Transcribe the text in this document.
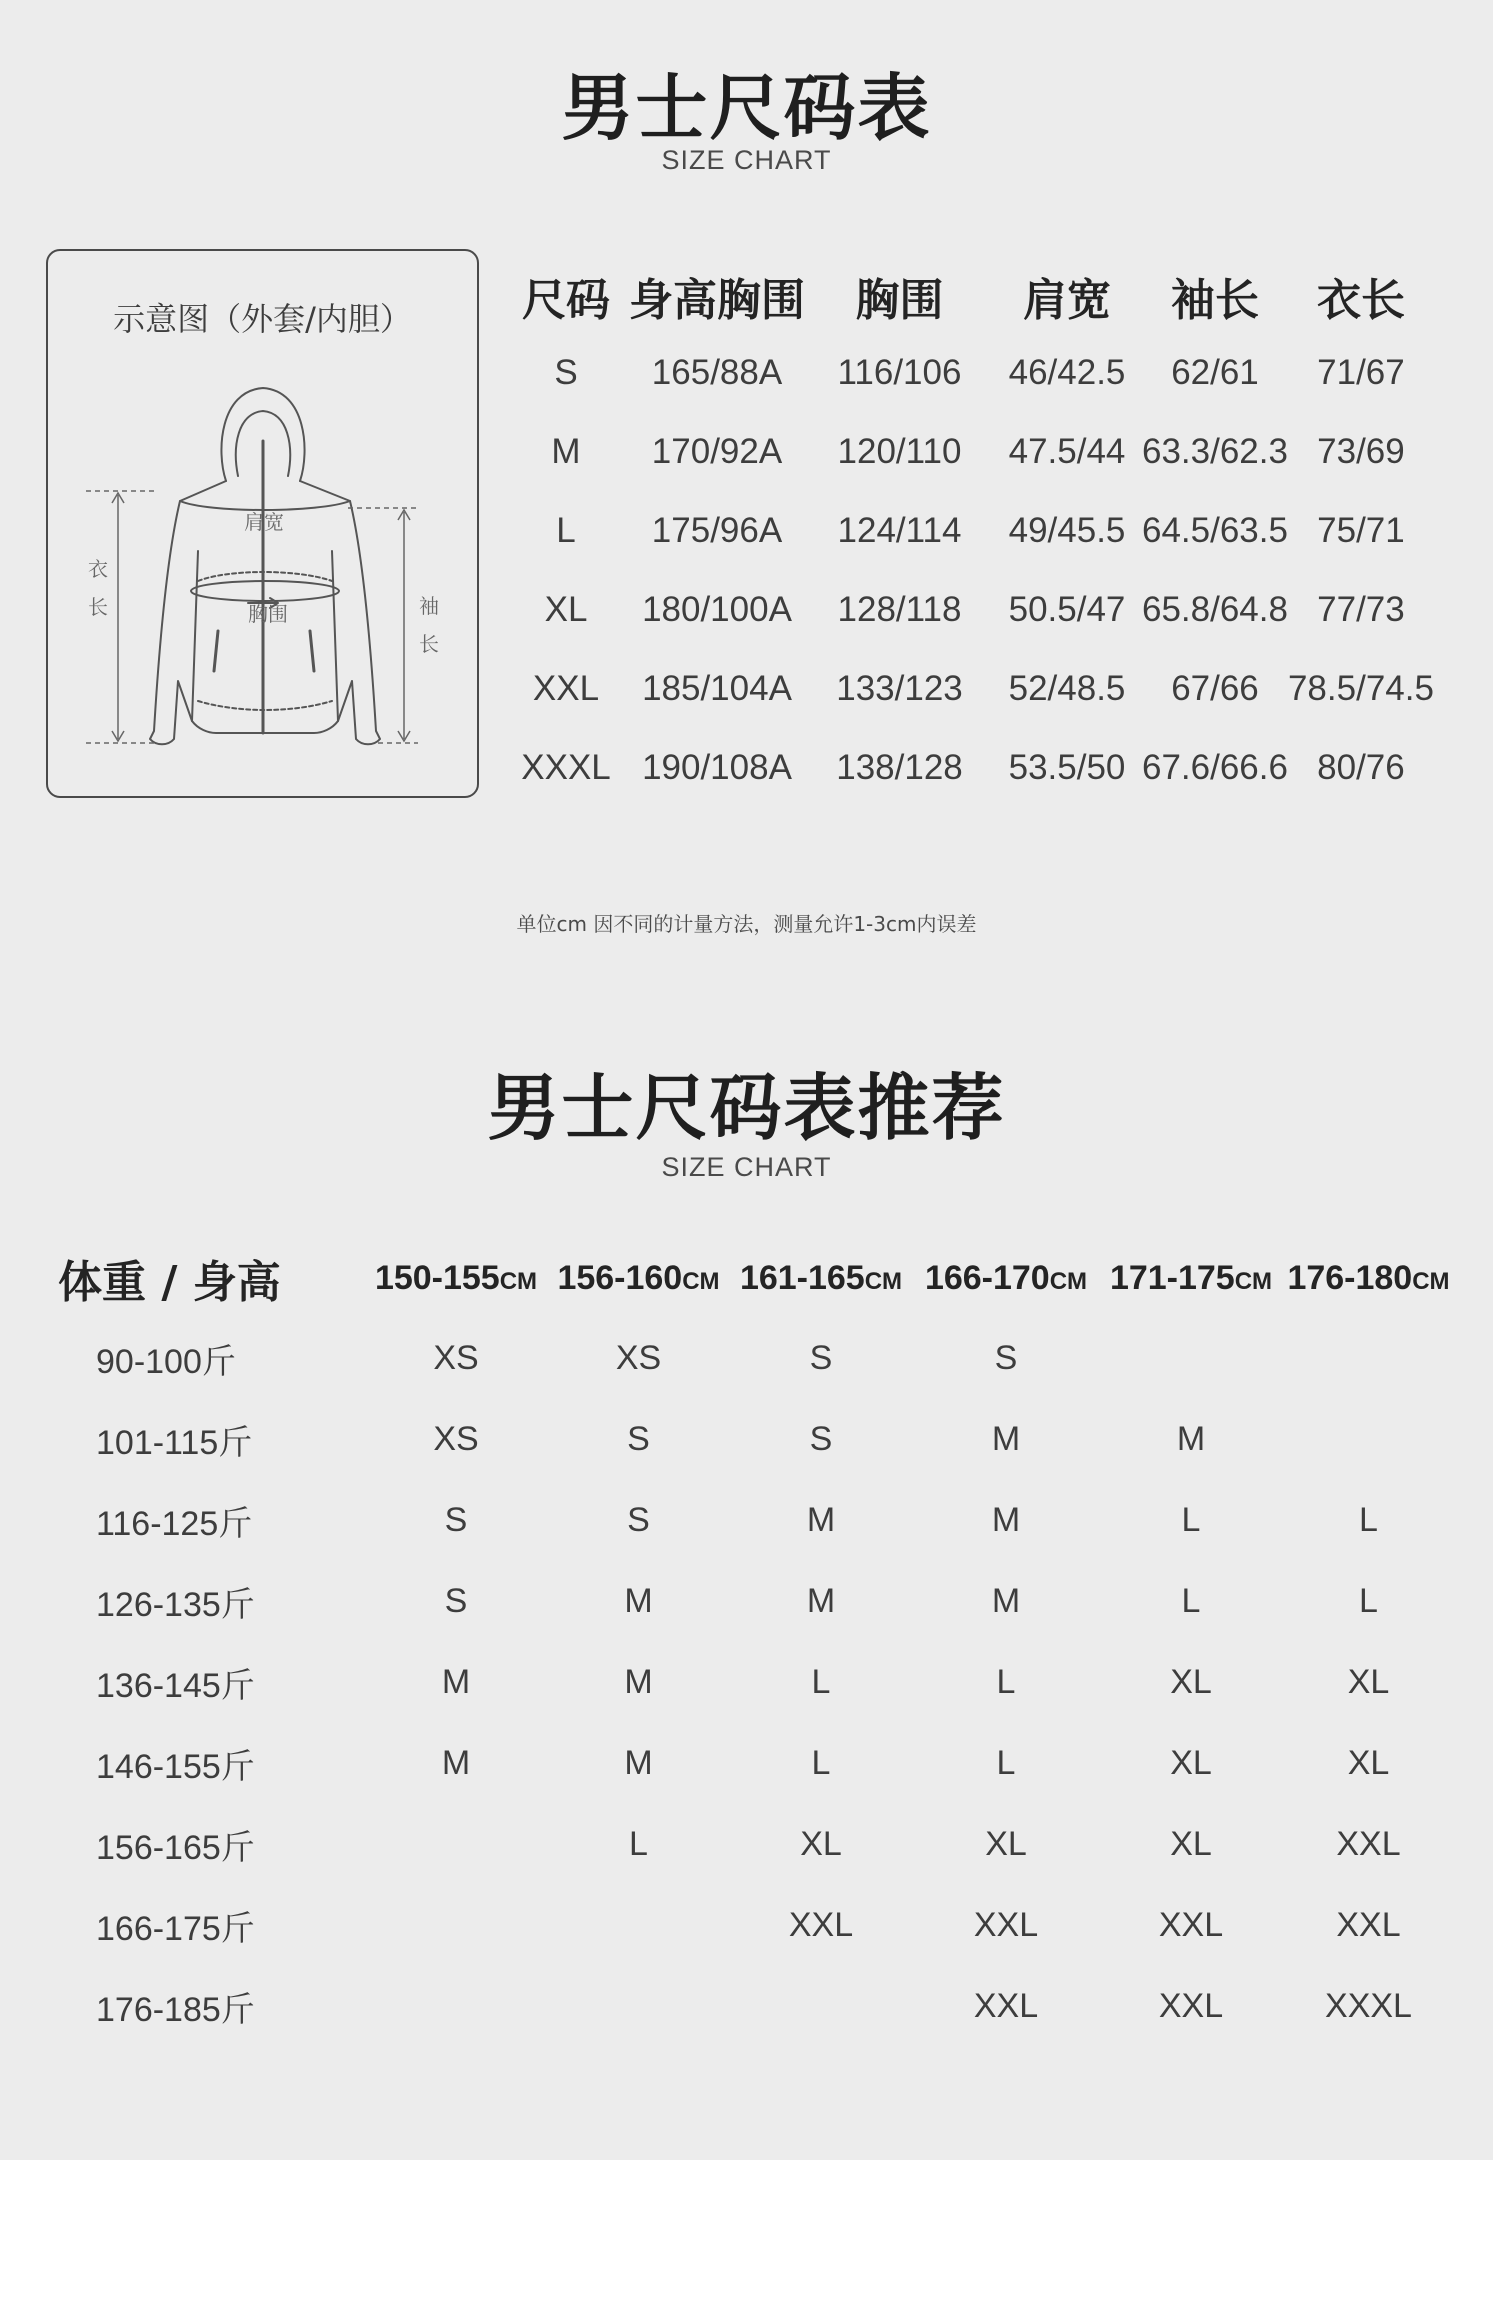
男士尺码表
SIZE CHART
示意图（外套/内胆）
肩宽
胸围
衣
长	袖
长
尺码	身高胸围	胸围	肩宽	袖长	衣长
S	165/88A	116/106	46/42.5	62/61	71/67
M	170/92A	120/110	47.5/44	63.3/62.3	73/69
L	175/96A	124/114	49/45.5	64.5/63.5	75/71
XL	180/100A	128/118	50.5/47	65.8/64.8	77/73
XXL	185/104A	133/123	52/48.5	67/66	78.5/74.5
XXXL	190/108A	138/128	53.5/50	67.6/66.6	80/76
单位cm 因不同的计量方法，测量允许1-3cm内误差
男士尺码表推荐
SIZE CHART
体重 / 身高	150-155CM	156-160CM	161-165CM	166-170CM	171-175CM	176-180CM
90-100斤	XS	XS	S	S		
101-115斤	XS	S	S	M	M	
116-125斤	S	S	M	M	L	L
126-135斤	S	M	M	M	L	L
136-145斤	M	M	L	L	XL	XL
146-155斤	M	M	L	L	XL	XL
156-165斤		L	XL	XL	XL	XXL
166-175斤			XXL	XXL	XXL	XXL
176-185斤				XXL	XXL	XXXL
